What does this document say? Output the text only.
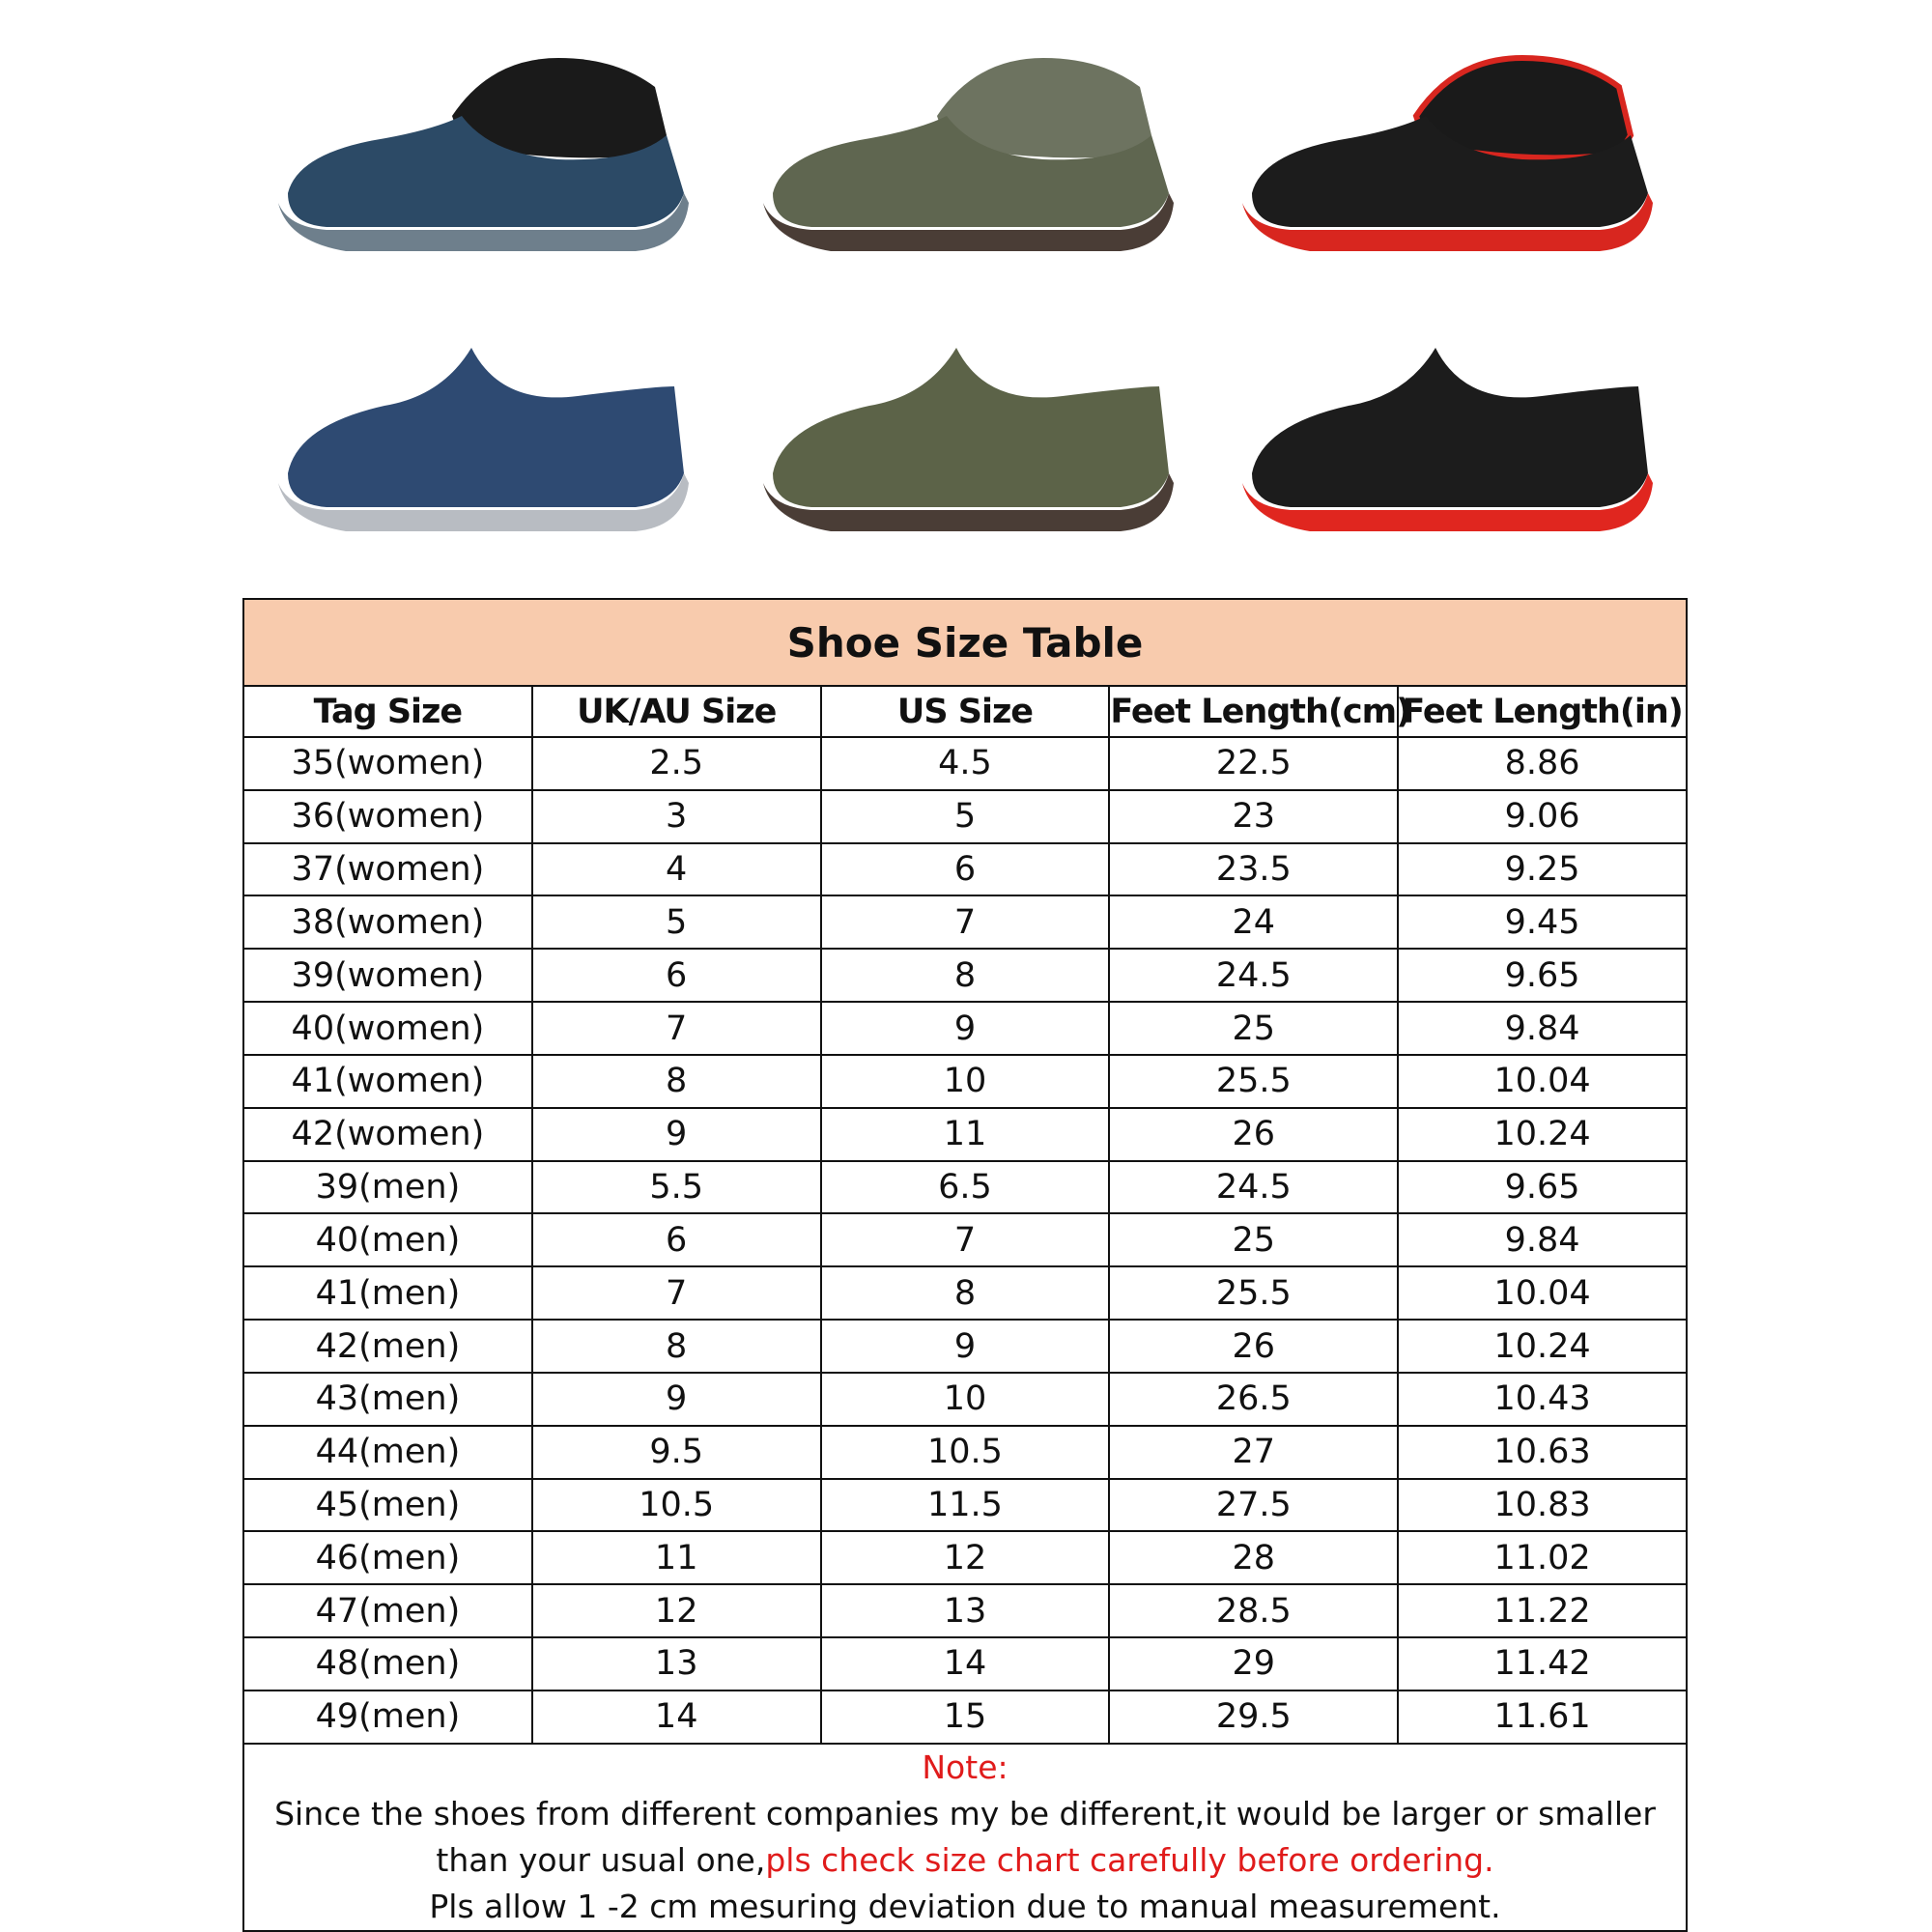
Shoe Size Table				
Tag Size	UK/AU Size	US Size	Feet Length(cm)	Feet Length(in)
35(women)	2.5	4.5	22.5	8.86
36(women)	3	5	23	9.06
37(women)	4	6	23.5	9.25
38(women)	5	7	24	9.45
39(women)	6	8	24.5	9.65
40(women)	7	9	25	9.84
41(women)	8	10	25.5	10.04
42(women)	9	11	26	10.24
39(men)	5.5	6.5	24.5	9.65
40(men)	6	7	25	9.84
41(men)	7	8	25.5	10.04
42(men)	8	9	26	10.24
43(men)	9	10	26.5	10.43
44(men)	9.5	10.5	27	10.63
45(men)	10.5	11.5	27.5	10.83
46(men)	11	12	28	11.02
47(men)	12	13	28.5	11.22
48(men)	13	14	29	11.42
49(men)	14	15	29.5	11.61

Note:
Since the shoes from different companies my be different,it would be larger or smaller
than your usual one,pls check size chart carefully before ordering.
Pls allow 1 -2 cm mesuring deviation due to manual measurement.				
